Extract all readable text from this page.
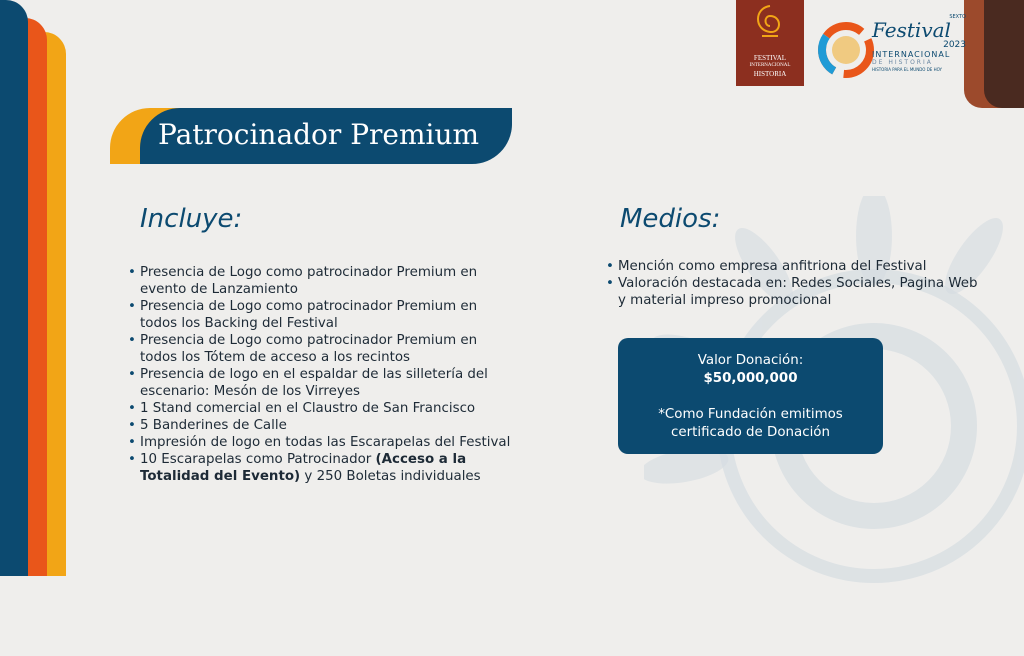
FESTIVAL
INTERNACIONAL
HISTORIA
SEXTO
Festival
2023
INTERNACIONAL
DE HISTORIA
HISTORIA PARA EL MUNDO DE HOY
Patrocinador Premium
Incluye:
• Presencia de Logo como patrocinador Premium en evento de Lanzamiento
• Presencia de Logo como patrocinador Premium en todos los Backing del Festival
• Presencia de Logo como patrocinador Premium en todos los Tótem de acceso a los recintos
• Presencia de logo en el espaldar de las silletería del escenario: Mesón de los Virreyes
• 1 Stand comercial en el Claustro de San Francisco
• 5 Banderines de Calle
• Impresión de logo en todas las Escarapelas del Festival
• 10 Escarapelas como Patrocinador (Acceso a la Totalidad del Evento) y 250 Boletas individuales
Medios:
• Mención como empresa anfitriona del Festival
• Valoración destacada en: Redes Sociales, Pagina Web y material impreso promocional
Valor Donación:
$50,000,000
*Como Fundación emitimos certificado de Donación
